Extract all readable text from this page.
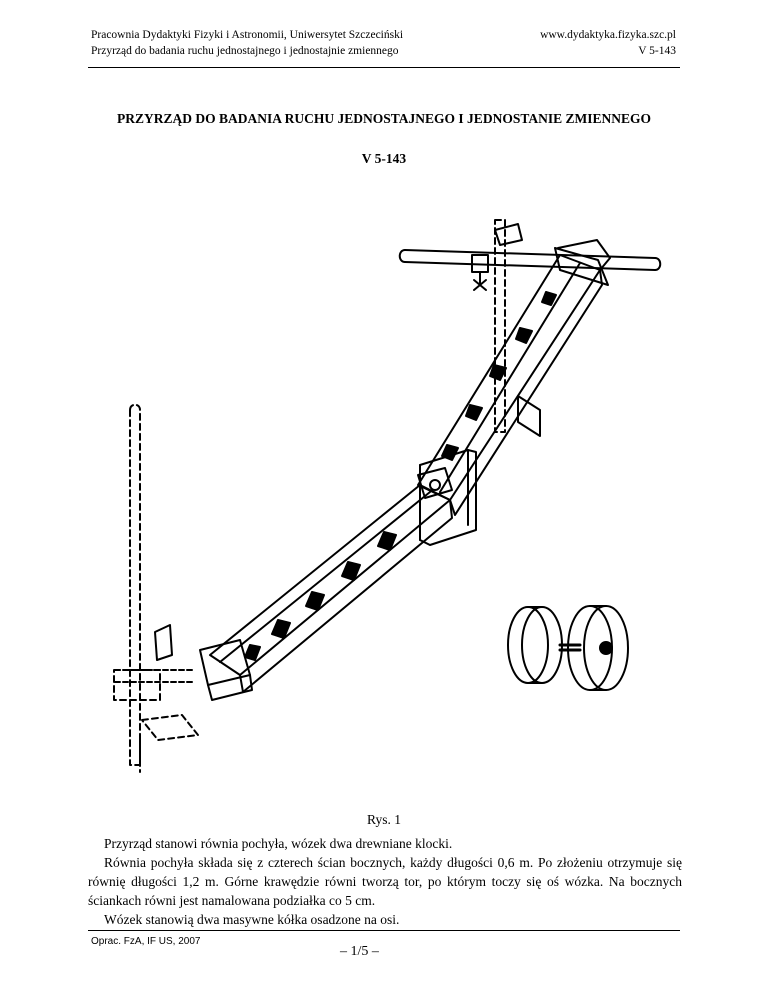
Pracownia Dydaktyki Fizyki i Astronomii, Uniwersytet Szczeciński
Przyrząd do badania ruchu jednostajnego i jednostajnie zmiennego
www.dydaktyka.fizyka.szc.pl
V 5-143
PRZYRZĄD DO BADANIA RUCHU JEDNOSTAJNEGO I JEDNOSTANIE ZMIENNEGO
V 5-143
Rys. 1

Przyrząd stanowi równia pochyła, wózek dwa drewniane klocki.

Równia pochyła składa się z czterech ścian bocznych, każdy długości 0,6 m. Po złożeniu otrzymuje się równię długości 1,2 m. Górne krawędzie równi tworzą tor, po którym toczy się oś wózka. Na bocznych ściankach równi jest namalowana podziałka co 5 cm.

Wózek stanowią dwa masywne kółka osadzone na osi.

Oprac. FzA, IF US, 2007
– 1/5 –
